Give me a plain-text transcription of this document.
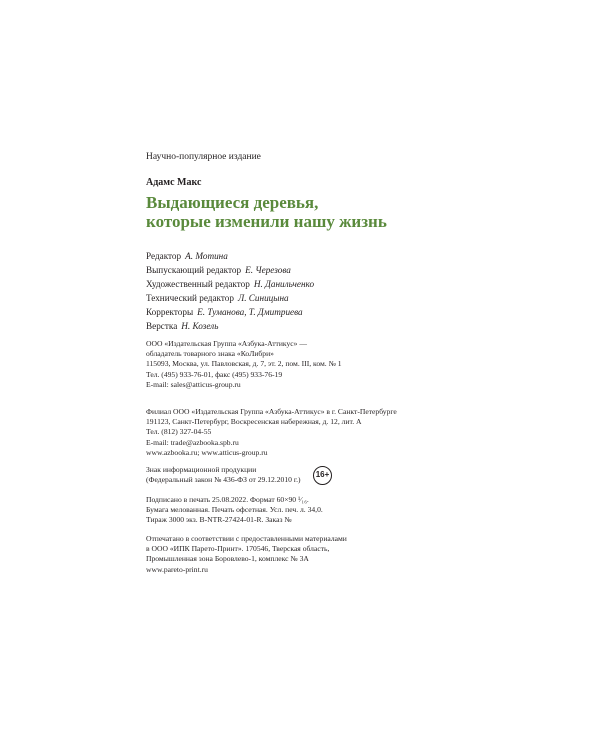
Научно-популярное издание
Адамс Макс
Выдающиеся деревья,
которые изменили нашу жизнь
Редактор А. Мотина
Выпускающий редактор Е. Черезова
Художественный редактор Н. Данильченко
Технический редактор Л. Синицына
Корректоры Е. Туманова, Т. Дмитриева
Верстка Н. Козель
ООО «Издательская Группа «Азбука-Аттикус» —
обладатель товарного знака «КоЛибри»
115093, Москва, ул. Павловская, д. 7, эт. 2, пом. III, ком. № 1
Тел. (495) 933-76-01, факс (495) 933-76-19
E-mail: sales@atticus-group.ru
Филиал ООО «Издательская Группа «Азбука-Аттикус» в г. Санкт-Петербурге
191123, Санкт-Петербург, Воскресенская набережная, д. 12, лит. А
Тел. (812) 327-04-55
E-mail: trade@azbooka.spb.ru
www.azbooka.ru; www.atticus-group.ru
Знак информационной продукции
(Федеральный закон № 436-ФЗ от 29.12.2010 г.)
16+
Подписано в печать 25.08.2022. Формат 60×90 ¹⁄₁₆.
Бумага мелованная. Печать офсетная. Усл. печ. л. 34,0.
Тираж 3000 экз. B-NTR-27424-01-R. Заказ №
Отпечатано в соответствии с предоставленными материалами
в ООО «ИПК Парето-Принт». 170546, Тверская область,
Промышленная зона Боровлево-1, комплекс № 3А
www.pareto-print.ru
